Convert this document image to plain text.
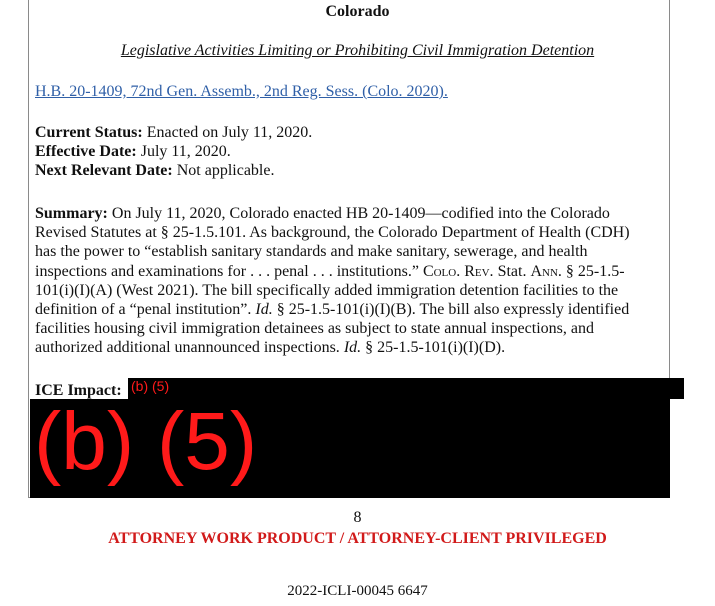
Colorado
Legislative Activities Limiting or Prohibiting Civil Immigration Detention
H.B. 20-1409, 72nd Gen. Assemb., 2nd Reg. Sess. (Colo. 2020).
Current Status: Enacted on July 11, 2020.
Effective Date: July 11, 2020.
Next Relevant Date: Not applicable.
Summary: On July 11, 2020, Colorado enacted HB 20-1409—codified into the Colorado
Revised Statutes at § 25-1.5.101. As background, the Colorado Department of Health (CDH)
has the power to “establish sanitary standards and make sanitary, sewerage, and health
inspections and examinations for . . . penal . . . institutions.” Colo. Rev. Stat. Ann. § 25-1.5-
101(i)(I)(A) (West 2021). The bill specifically added immigration detention facilities to the
definition of a “penal institution”. Id. § 25-1.5-101(i)(I)(B). The bill also expressly identified
facilities housing civil immigration detainees as subject to state annual inspections, and
authorized additional unannounced inspections. Id. § 25-1.5-101(i)(I)(D).
ICE Impact: (b) (5)
(b) (5)
8
ATTORNEY WORK PRODUCT / ATTORNEY-CLIENT PRIVILEGED
2022-ICLI-00045 6647
